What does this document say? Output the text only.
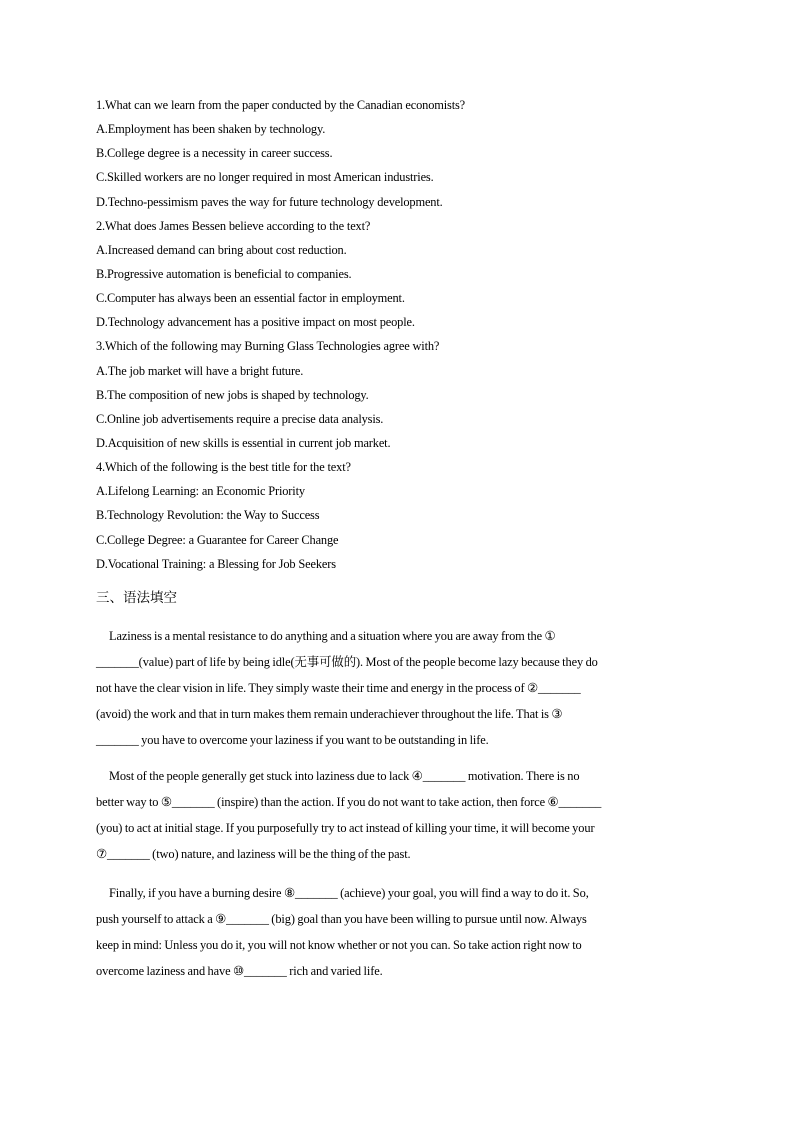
1.What can we learn from the paper conducted by the Canadian economists?
A.Employment has been shaken by technology.
B.College degree is a necessity in career success.
C.Skilled workers are no longer required in most American industries.
D.Techno-pessimism paves the way for future technology development.
2.What does James Bessen believe according to the text?
A.Increased demand can bring about cost reduction.
B.Progressive automation is beneficial to companies.
C.Computer has always been an essential factor in employment.
D.Technology advancement has a positive impact on most people.
3.Which of the following may Burning Glass Technologies agree with?
A.The job market will have a bright future.
B.The composition of new jobs is shaped by technology.
C.Online job advertisements require a precise data analysis.
D.Acquisition of new skills is essential in current job market.
4.Which of the following is the best title for the text?
A.Lifelong Learning: an Economic Priority
B.Technology Revolution: the Way to Success
C.College Degree: a Guarantee for Career Change
D.Vocational Training: a Blessing for Job Seekers
三、语法填空
Laziness is a mental resistance to do anything and a situation where you are away from the ①
_______(value) part of life by being idle(无事可做的). Most of the people become lazy because they do
not have the clear vision in life. They simply waste their time and energy in the process of ②_______
(avoid) the work and that in turn makes them remain underachiever throughout the life. That is ③
_______ you have to overcome your laziness if you want to be outstanding in life.
Most of the people generally get stuck into laziness due to lack ④_______ motivation. There is no
better way to ⑤_______ (inspire) than the action. If you do not want to take action, then force ⑥_______
(you) to act at initial stage. If you purposefully try to act instead of killing your time, it will become your
⑦_______ (two) nature, and laziness will be the thing of the past.
Finally, if you have a burning desire ⑧_______ (achieve) your goal, you will find a way to do it. So,
push yourself to attack a ⑨_______ (big) goal than you have been willing to pursue until now. Always
keep in mind: Unless you do it, you will not know whether or not you can. So take action right now to
overcome laziness and have ⑩_______ rich and varied life.
